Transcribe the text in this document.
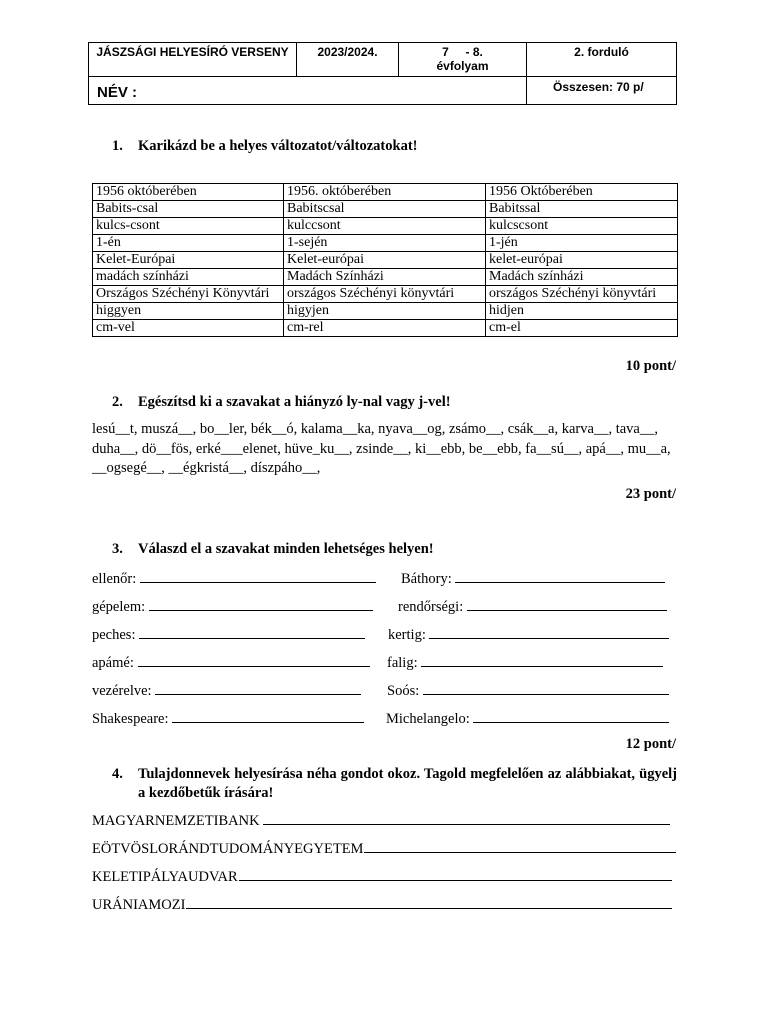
JÁSZSÁGI HELYESÍRÓ VERSENY	2023/2024.	7     - 8.
évfolyam	2. forduló
NÉV :			Összesen: 70 p/
1. Karikázd be a helyes változatot/változatokat!
1956 októberében	1956. októberében	1956 Októberében
Babits-csal	Babitscsal	Babitssal
kulcs-csont	kulccsont	kulcscsont
1-én	1-sején	1-jén
Kelet-Európai	Kelet-európai	kelet-európai
madách színházi	Madách Színházi	Madách színházi
Országos Széchényi Könyvtári	országos Széchényi könyvtári	országos Széchényi könyvtári
higgyen	higyjen	hidjen
cm-vel	cm-rel	cm-el
10 pont/
2. Egészítsd ki a szavakat a hiányzó ly-nal vagy j-vel!

lesú__t, muszá__, bo__ler, bék__ó, kalama__ka, nyava__og, zsámo__, csák__a, karva__, tava__, duha__, dö__fös, erké___elenet, hüve_ku__, zsinde__, ki__ebb, be__ebb, fa__sú__, apá__, mu__a, __ogsegé__, __égkristá__, díszpáho__,

23 pont/
3. Válaszd el a szavakat minden lehetséges helyen!
ellenőr:	Báthory:
gépelem:	rendőrségi:
peches:	kertig:
apámé:	falig:
vezérelve:	Soós:
Shakespeare:	Michelangelo:
12 pont/
4. Tulajdonnevek helyesírása néha gondot okoz. Tagold megfelelően az alábbiakat, ügyelj a kezdőbetűk írására!
MAGYARNEMZETIBANK
EÖTVÖSLORÁNDTUDOMÁNYEGYETEM
KELETIPÁLYAUDVAR
URÁNIAMOZI
